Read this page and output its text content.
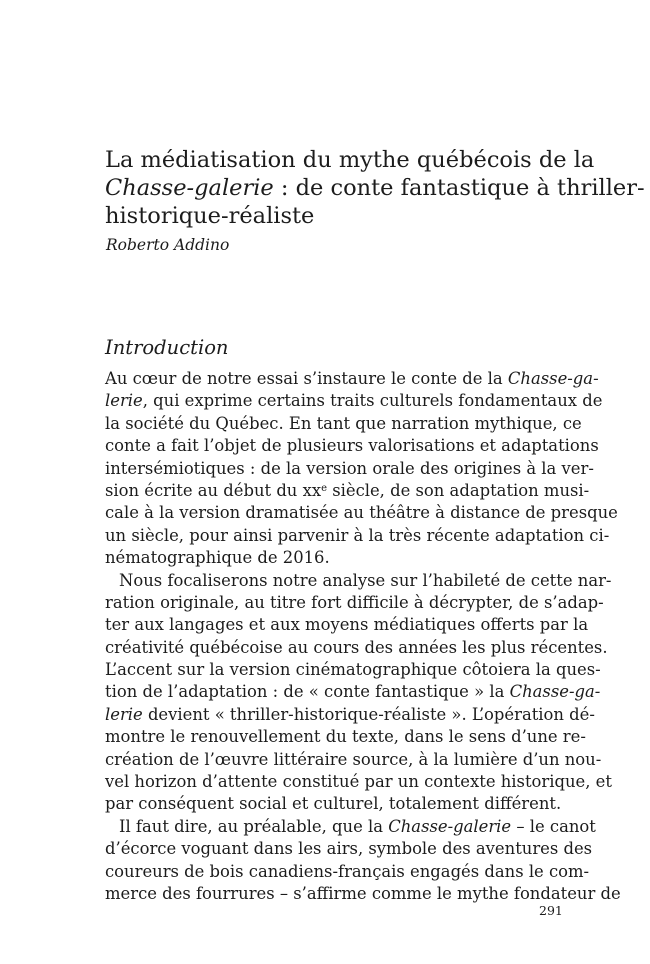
La médiatisation du mythe québécois de la
Chasse-galerie : de conte fantastique à thriller-
historique-réaliste
Roberto Addino
Introduction
Au cœur de notre essai s’instaure le conte de la Chasse-ga-
lerie, qui exprime certains traits culturels fondamentaux de
la société du Québec. En tant que narration mythique, ce
conte a fait l’objet de plusieurs valorisations et adaptations
intersémiotiques : de la version orale des origines à la ver-
sion écrite au début du $xx^e$ siècle, de son adaptation musi-
cale à la version dramatisée au théâtre à distance de presque
un siècle, pour ainsi parvenir à la très récente adaptation ci-
nématographique de 2016.
Nous focaliserons notre analyse sur l’habileté de cette nar-
ration originale, au titre fort difficile à décrypter, de s’adap-
ter aux langages et aux moyens médiatiques offerts par la
créativité québécoise au cours des années les plus récentes.
L’accent sur la version cinématographique côtoiera la ques-
tion de l’adaptation : de « conte fantastique » la Chasse-ga-
lerie devient « thriller-historique-réaliste ». L’opération dé-
montre le renouvellement du texte, dans le sens d’une re-
création de l’œuvre littéraire source, à la lumière d’un nou-
vel horizon d’attente constitué par un contexte historique, et
par conséquent social et culturel, totalement différent.
Il faut dire, au préalable, que la Chasse-galerie – le canot
d’écorce voguant dans les airs, symbole des aventures des
coureurs de bois canadiens-français engagés dans le com-
merce des fourrures – s’affirme comme le mythe fondateur de
291
